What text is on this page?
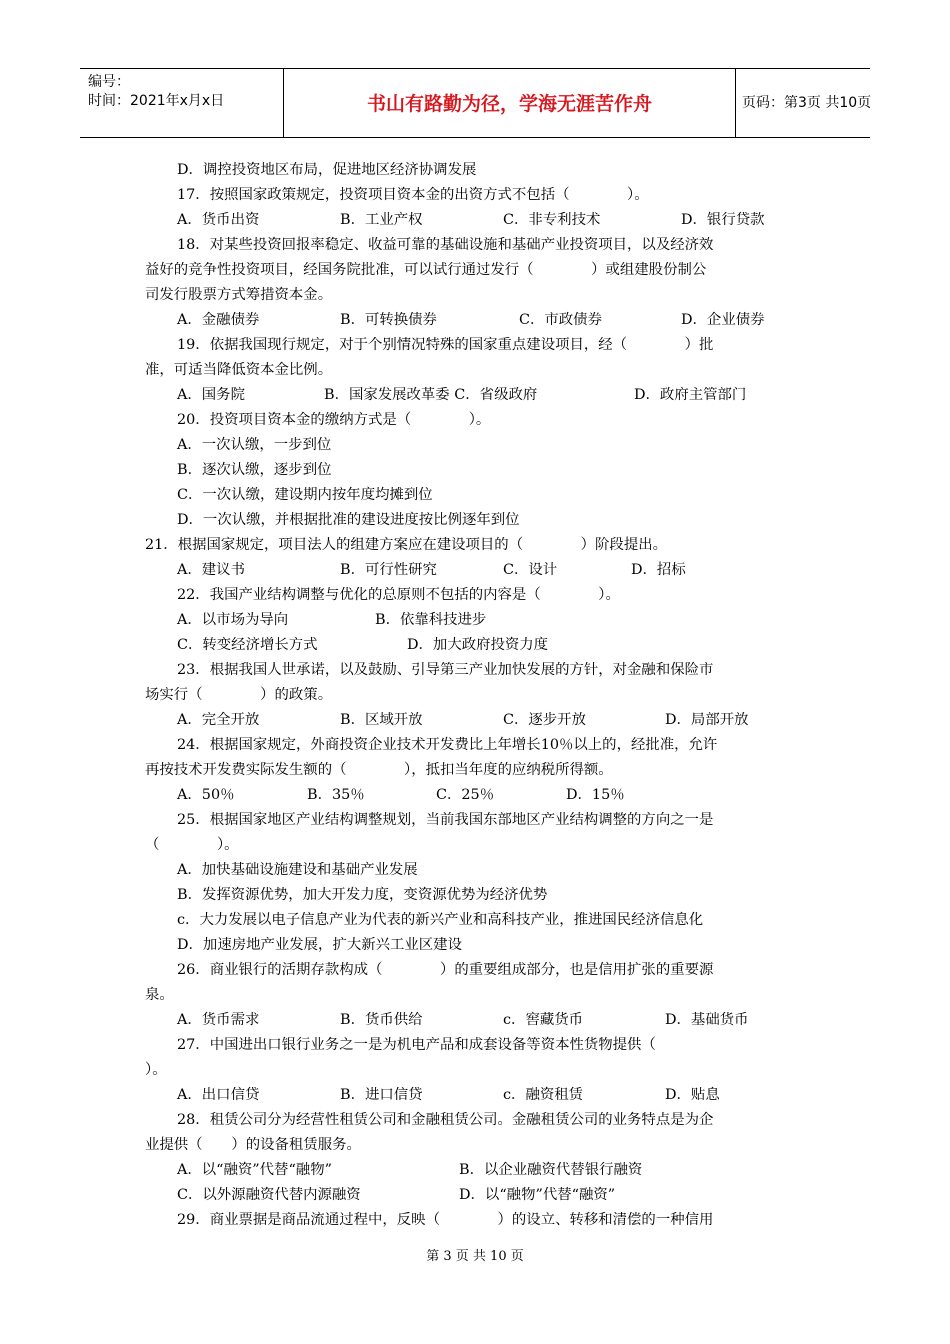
编号：
时间：2021年x月x日	书山有路勤为径，学海无涯苦作舟	页码：第3页 共10页
D．调控投资地区布局，促进地区经济协调发展
17．按照国家政策规定，投资项目资本金的出资方式不包括（　　　　）。
A．货币出资	B．工业产权	C．非专利技术	D．银行贷款
18．对某些投资回报率稳定、收益可靠的基础设施和基础产业投资项目，以及经济效
益好的竞争性投资项目，经国务院批准，可以试行通过发行（　　　　）或组建股份制公
司发行股票方式筹措资本金。
A．金融债券	B．可转换债券	C．市政债券	D．企业债券
19．依据我国现行规定，对于个别情况特殊的国家重点建设项目，经（　　　　）批
准，可适当降低资本金比例。
A．国务院	B．国家发展改革委 C．省级政府	D．政府主管部门
20．投资项目资本金的缴纳方式是（　　　　）。
A．一次认缴，一步到位
B．逐次认缴，逐步到位
C．一次认缴，建设期内按年度均摊到位
D．一次认缴，并根据批准的建设进度按比例逐年到位
21．根据国家规定，项目法人的组建方案应在建设项目的（　　　　）阶段提出。
A．建议书	B．可行性研究	C．设计	D．招标
22．我国产业结构调整与优化的总原则不包括的内容是（　　　　）。
A．以市场为导向	B．依靠科技进步
C．转变经济增长方式	D．加大政府投资力度
23．根据我国人世承诺，以及鼓励、引导第三产业加快发展的方针，对金融和保险市
场实行（　　　　）的政策。
A．完全开放	B．区域开放	C．逐步开放	D．局部开放
24．根据国家规定，外商投资企业技术开发费比上年增长10％以上的，经批准，允许
再按技术开发费实际发生额的（　　　　），抵扣当年度的应纳税所得额。
A．50％	B．35％	C．25％	D．15％
25．根据国家地区产业结构调整规划，当前我国东部地区产业结构调整的方向之一是
（　　　　）。
A．加快基础设施建设和基础产业发展
B．发挥资源优势，加大开发力度，变资源优势为经济优势
c．大力发展以电子信息产业为代表的新兴产业和高科技产业，推进国民经济信息化
D．加速房地产业发展，扩大新兴工业区建设
26．商业银行的活期存款构成（　　　　）的重要组成部分，也是信用扩张的重要源
泉。
A．货币需求	B．货币供给	c．窖藏货币	D．基础货币
27．中国进出口银行业务之一是为机电产品和成套设备等资本性货物提供（
）。
A．出口信贷	B．进口信贷	c．融资租赁	D．贴息
28．租赁公司分为经营性租赁公司和金融租赁公司。金融租赁公司的业务特点是为企
业提供（　　）的设备租赁服务。
A．以“融资”代替“融物”	B．以企业融资代替银行融资
C．以外源融资代替内源融资	D．以“融物”代替“融资”
29．商业票据是商品流通过程中，反映（　　　　）的设立、转移和清偿的一种信用
第 3 页 共 10 页
